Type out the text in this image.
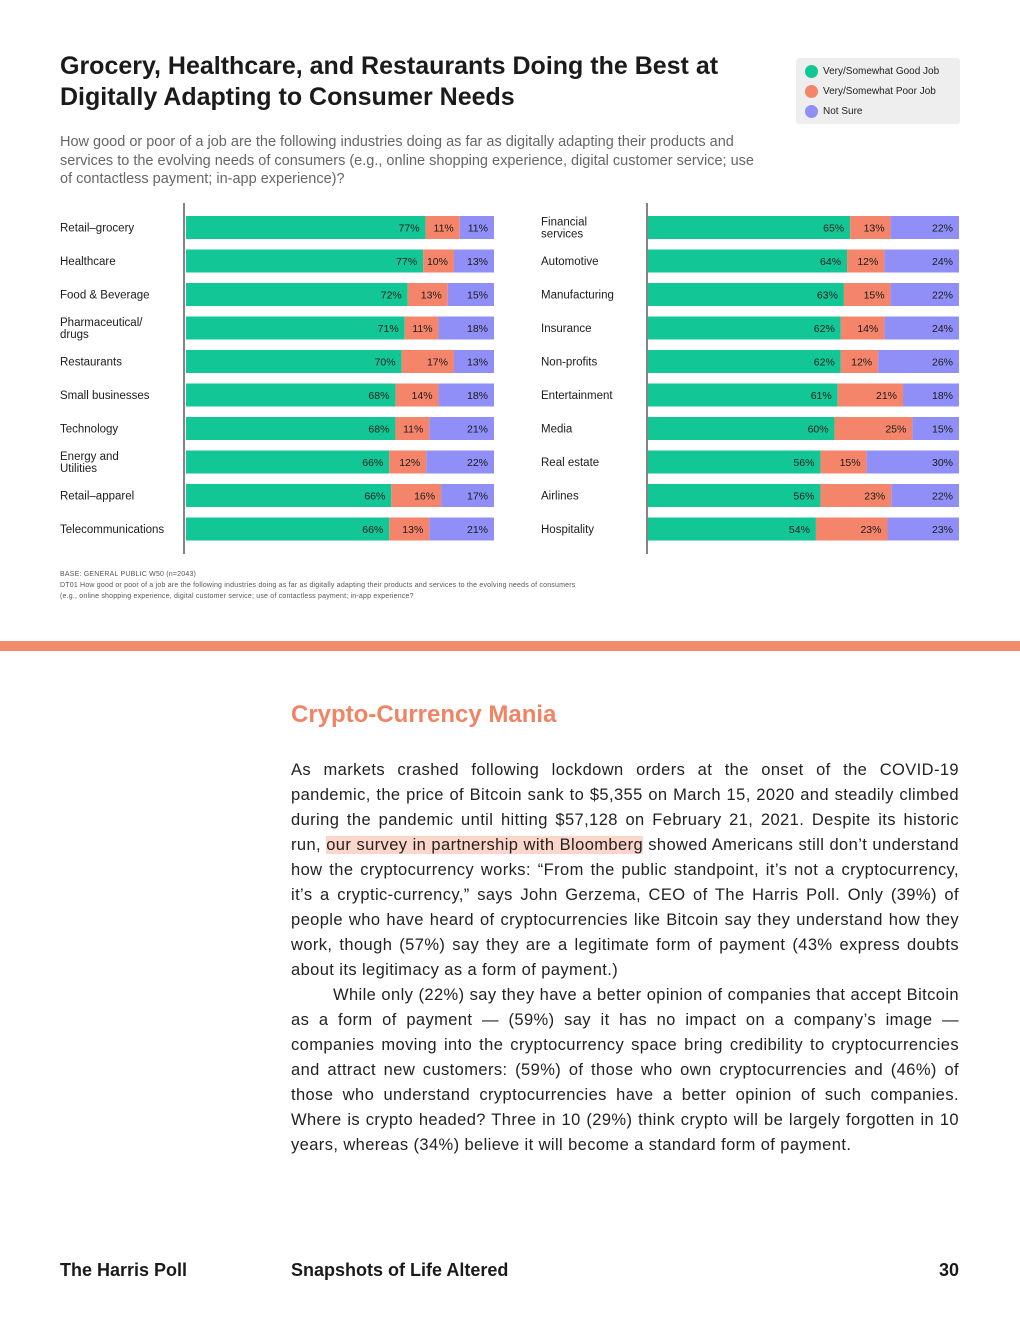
Grocery, Healthcare, and Restaurants Doing the Best at Digitally Adapting to Consumer Needs
How good or poor of a job are the following industries doing as far as digitally adapting their products and services to the evolving needs of consumers (e.g., online shopping experience, digital customer service; use of contactless payment; in-app experience)?
Very/Somewhat Good Job
Very/Somewhat Poor Job
Not Sure
Retail–grocery	77% 11% 11%
Healthcare	77% 10% 13%
Food & Beverage	72% 13% 15%
Pharmaceutical/ drugs	71% 11%	18%
Restaurants	70%	17% 13%
Small businesses	68% 14%	18%
Technology	68% 11%	21%
Energy and Utilities	66% 12%	22%
Retail–apparel	66%	16%	17%
Telecommunications	66% 13%	21%
Financial services	65% 13%	22%
Automotive	64% 12%	24%
Manufacturing	63% 15%	22%
Insurance	62% 14%	24%
Non-profits	62% 12%	26%
Entertainment	61%	21%	18%
Media	60%	25% 15%
Real estate	56% 15%	30%
Airlines	56%	23%	22%
Hospitality	54%	23%	23%
BASE: GENERAL PUBLIC W50 (n=2043)
DT01 How good or poor of a job are the following industries doing as far as digitally adapting their products and services to the evolving needs of consumers (e.g., online shopping experience, digital customer service; use of contactless payment; in-app experience?
Crypto-Currency Mania

As markets crashed following lockdown orders at the onset of the COVID-19 pandemic, the price of Bitcoin sank to $5,355 on March 15, 2020 and steadily climbed during the pandemic until hitting $57,128 on February 21, 2021. Despite its historic run, our survey in partnership with Bloomberg showed Americans still don’t understand how the cryptocurrency works: “From the public standpoint, it’s not a cryptocurrency, it’s a cryptic-currency,” says John Gerzema, CEO of The Harris Poll. Only (39%) of people who have heard of cryptocurrencies like Bitcoin say they understand how they work, though (57%) say they are a legitimate form of payment (43% express doubts about its legitimacy as a form of payment.)

While only (22%) say they have a better opinion of companies that accept Bitcoin as a form of payment — (59%) say it has no impact on a company’s image — companies moving into the cryptocurrency space bring credibility to cryptocurrencies and attract new customers: (59%) of those who own cryptocurrencies and (46%) of those who understand cryptocurrencies have a better opinion of such companies. Where is crypto headed? Three in 10 (29%) think crypto will be largely forgotten in 10 years, whereas (34%) believe it will become a standard form of payment.

The Harris Poll	Snapshots of Life Altered	30
